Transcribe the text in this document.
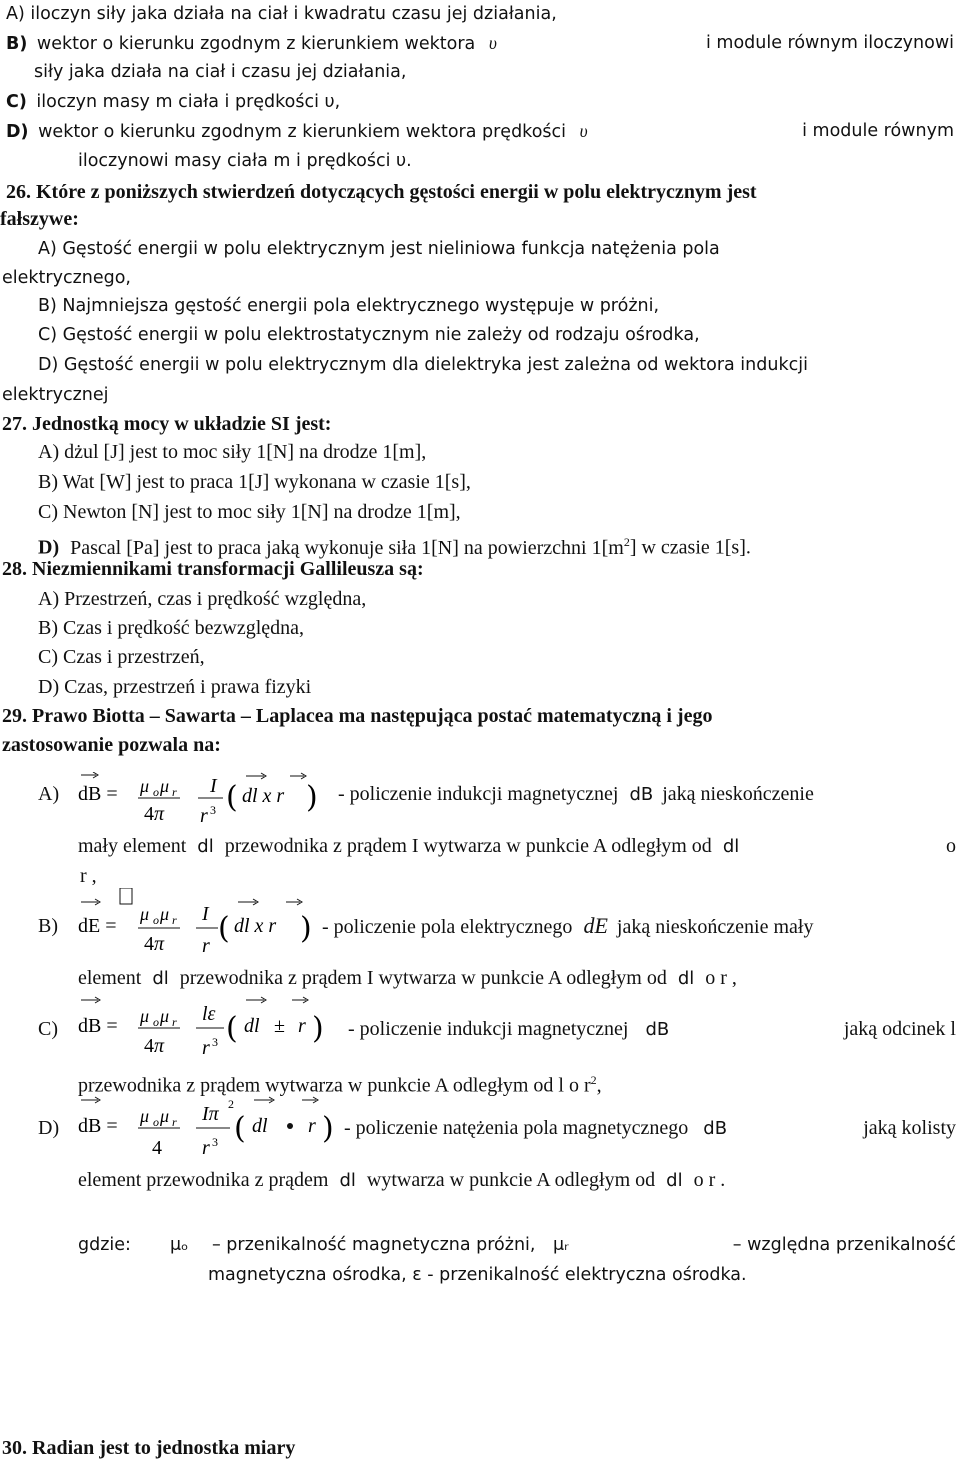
A) iloczyn siły jaka działa na ciał i kwadratu czasu jej działania,
B) wektor o kierunku zgodnym z kierunkiem wektora υ	i module równym iloczynowi
siły jaka działa na ciał i czasu jej działania,
C) iloczyn masy m ciała i prędkości υ,
D) wektor o kierunku zgodnym z kierunkiem wektora prędkości υ	i module równym
iloczynowi masy ciała m i prędkości υ.
26. Które z poniższych stwierdzeń dotyczących gęstości energii w polu elektrycznym jest
fałszywe:
A) Gęstość energii w polu elektrycznym jest nieliniowa funkcja natężenia pola
elektrycznego,
B) Najmniejsza gęstość energii pola elektrycznego występuje w próżni,
C) Gęstość energii w polu elektrostatycznym nie zależy od rodzaju ośrodka,
D) Gęstość energii w polu elektrycznym dla dielektryka jest zależna od wektora indukcji
elektrycznej
27. Jednostką mocy w układzie SI jest:
A) dżul [J] jest to moc siły 1[N] na drodze 1[m],
B) Wat [W] jest to praca 1[J] wykonana w czasie 1[s],
C) Newton [N] jest to moc siły 1[N] na drodze 1[m],
D) Pascal [Pa] jest to praca jaką wykonuje siła 1[N] na powierzchni $1[m^2]$ w czasie 1[s].
28. Niezmiennikami transformacji Gallileusza są:
A) Przestrzeń, czas i prędkość względna,
B) Czas i prędkość bezwzględna,
C) Czas i przestrzeń,
D) Czas, przestrzeń i prawa fizyki
29. Prawo Biotta – Sawarta – Laplacea ma następująca postać matematyczną i jego
zastosowanie pozwala na:
A) dB = μ o μ r I
4π r 3 ( dl x r ) - policzenie indukcji magnetycznej dB jaką nieskończenie
mały element dl przewodnika z prądem I wytwarza w punkcie A odległym od dl	o
r ,
B) dE =
μ o μ r I
4π r ( dl x r ) - policzenie pola elektrycznego dE jaką nieskończenie mały
element dl przewodnika z prądem I wytwarza w punkcie A odległym od dl o r ,
C) dB = μ o μ r lε
4π r 3 ( dl ± r ) - policzenie indukcji magnetycznej dB	jaką odcinek l
przewodnika z prądem wytwarza w punkcie A odległym od l o $r^2$,
D) dB = μ o μ r Iπ 2
4 r 3 ( dl r ) - policzenie natężenia pola magnetycznego dB	jaką kolisty
element przewodnika z prądem dl wytwarza w punkcie A odległym od dl o r .
gdzie: μₒ – przenikalność magnetyczna próżni, μᵣ	– względna przenikalność
magnetyczna ośrodka, ε - przenikalność elektryczna ośrodka.
30. Radian jest to jednostka miary
